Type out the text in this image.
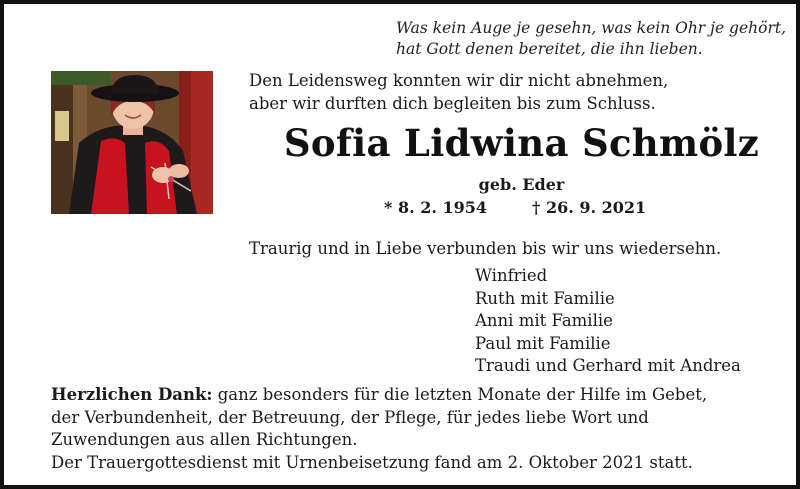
Was kein Auge je gesehn, was kein Ohr je gehört,
hat Gott denen bereitet, die ihn lieben.
Den Leidensweg konnten wir dir nicht abnehmen,
aber wir durften dich begleiten bis zum Schluss.
Sofia Lidwina Schmölz
geb. Eder
* 8. 2. 1954	† 26. 9. 2021
Traurig und in Liebe verbunden bis wir uns wiedersehn.
Winfried
Ruth mit Familie
Anni mit Familie
Paul mit Familie
Traudi und Gerhard mit Andrea
Herzlichen Dank: ganz besonders für die letzten Monate der Hilfe im Gebet,
der Verbundenheit, der Betreuung, der Pflege, für jedes liebe Wort und
Zuwendungen aus allen Richtungen.
Der Trauergottesdienst mit Urnenbeisetzung fand am 2. Oktober 2021 statt.
